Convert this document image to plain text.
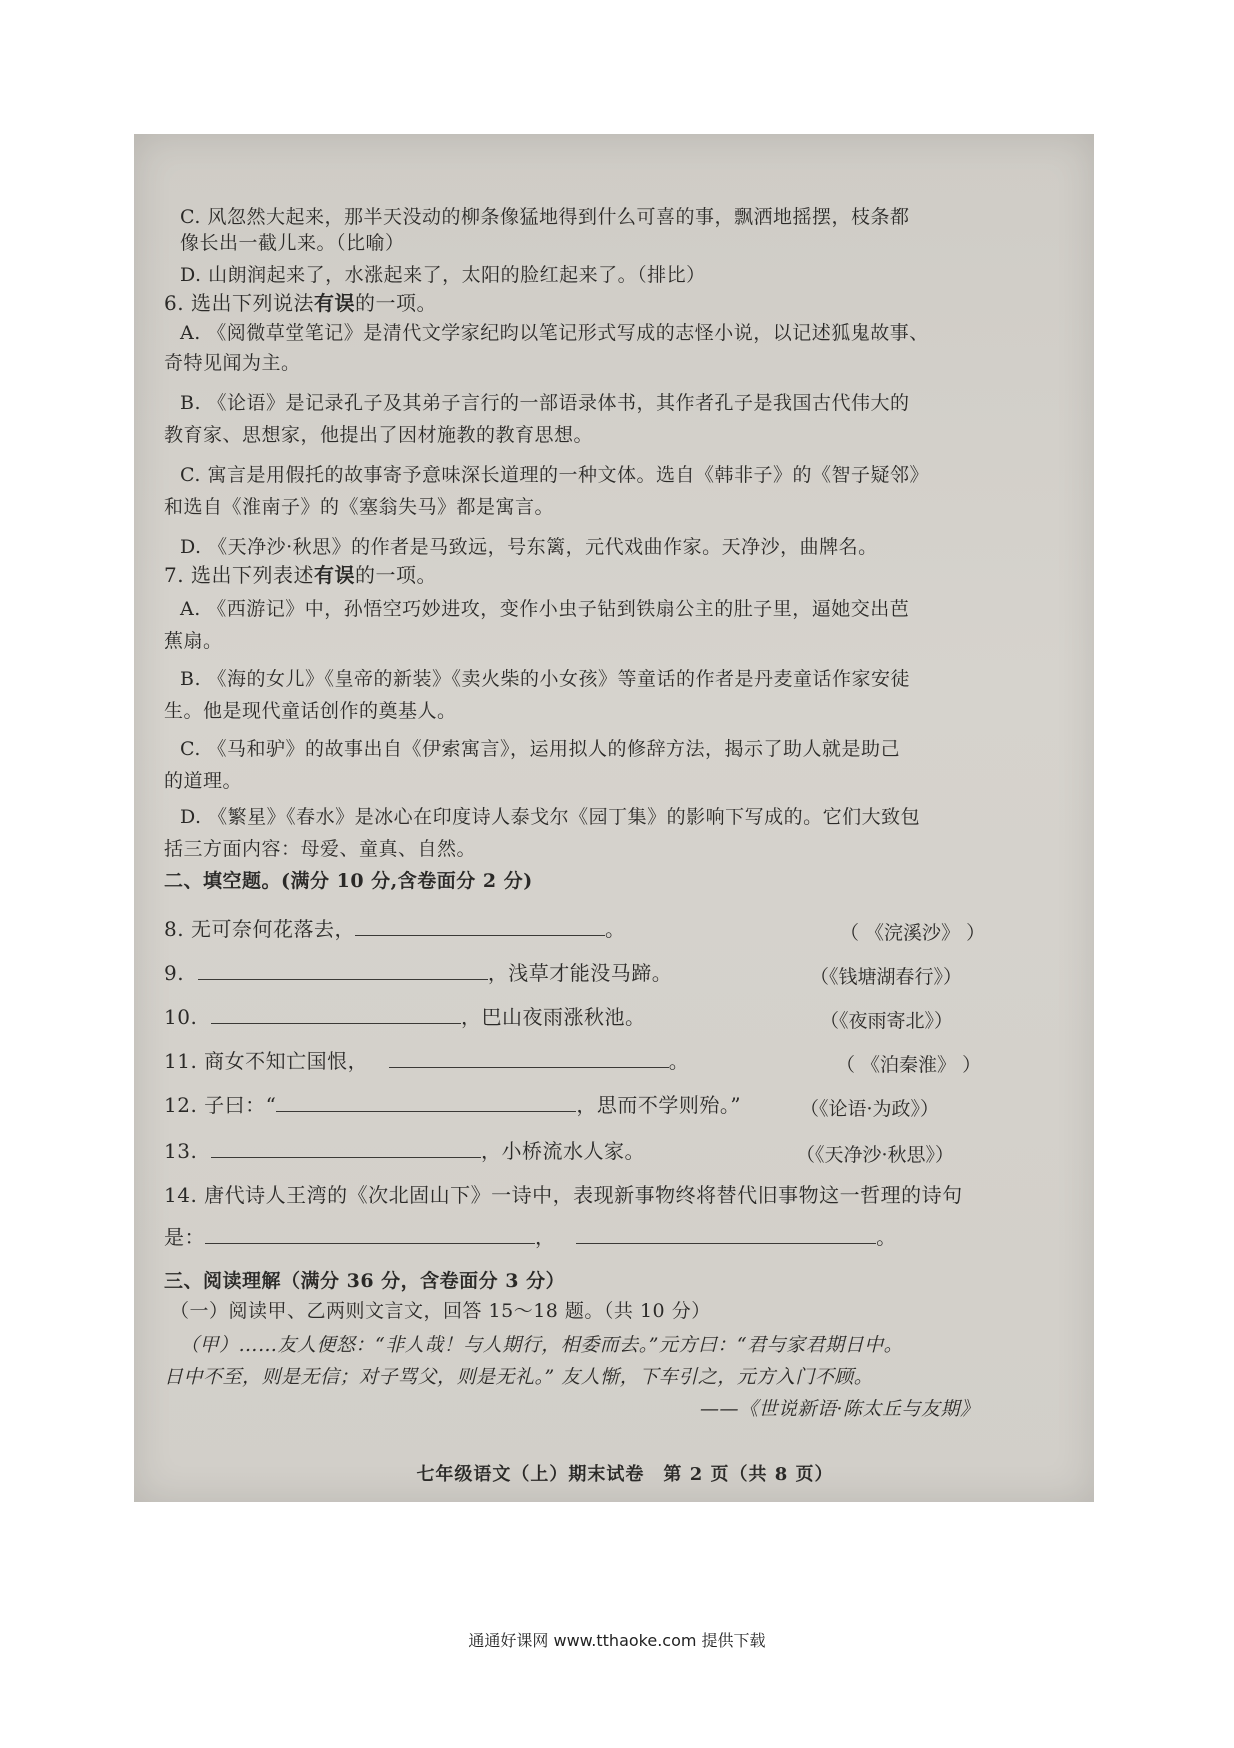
C. 风忽然大起来，那半天没动的柳条像猛地得到什么可喜的事，飘洒地摇摆，枝条都
像长出一截儿来。（比喻）
D. 山朗润起来了，水涨起来了，太阳的脸红起来了。（排比）
6. 选出下列说法有误的一项。
A. 《阅微草堂笔记》是清代文学家纪昀以笔记形式写成的志怪小说，以记述狐鬼故事、
奇特见闻为主。
B. 《论语》是记录孔子及其弟子言行的一部语录体书，其作者孔子是我国古代伟大的
教育家、思想家，他提出了因材施教的教育思想。
C. 寓言是用假托的故事寄予意味深长道理的一种文体。选自《韩非子》的《智子疑邻》
和选自《淮南子》的《塞翁失马》都是寓言。
D. 《天净沙·秋思》的作者是马致远，号东篱，元代戏曲作家。天净沙，曲牌名。
7. 选出下列表述有误的一项。
A. 《西游记》中，孙悟空巧妙进攻，变作小虫子钻到铁扇公主的肚子里，逼她交出芭
蕉扇。
B. 《海的女儿》《皇帝的新装》《卖火柴的小女孩》等童话的作者是丹麦童话作家安徒
生。他是现代童话创作的奠基人。
C. 《马和驴》的故事出自《伊索寓言》，运用拟人的修辞方法，揭示了助人就是助己
的道理。
D. 《繁星》《春水》是冰心在印度诗人泰戈尔《园丁集》的影响下写成的。它们大致包
括三方面内容：母爱、童真、自然。
二、填空题。(满分 10 分,含卷面分 2 分)
8. 无可奈何花落去，	。	（ 《浣溪沙》 ）
9.	，浅草才能没马蹄。	（《钱塘湖春行》）
10.	，巴山夜雨涨秋池。	（《夜雨寄北》）
11. 商女不知亡国恨，	。	（ 《泊秦淮》 ）
12. 子曰：“	，思而不学则殆。”	（《论语·为政》）
13.	，小桥流水人家。	（《天净沙·秋思》）
14. 唐代诗人王湾的《次北固山下》一诗中，表现新事物终将替代旧事物这一哲理的诗句
是：	，	。
三、阅读理解（满分 36 分，含卷面分 3 分）
（一）阅读甲、乙两则文言文，回答 15～18 题。（共 10 分）
（甲）……友人便怒：“非人哉！与人期行，相委而去。”元方曰：“君与家君期日中。
日中不至，则是无信；对子骂父，则是无礼。” 友人惭，下车引之，元方入门不顾。
——《世说新语·陈太丘与友期》
七年级语文（上）期末试卷　第 2 页（共 8 页）
通通好课网 www.tthaoke.com 提供下载
